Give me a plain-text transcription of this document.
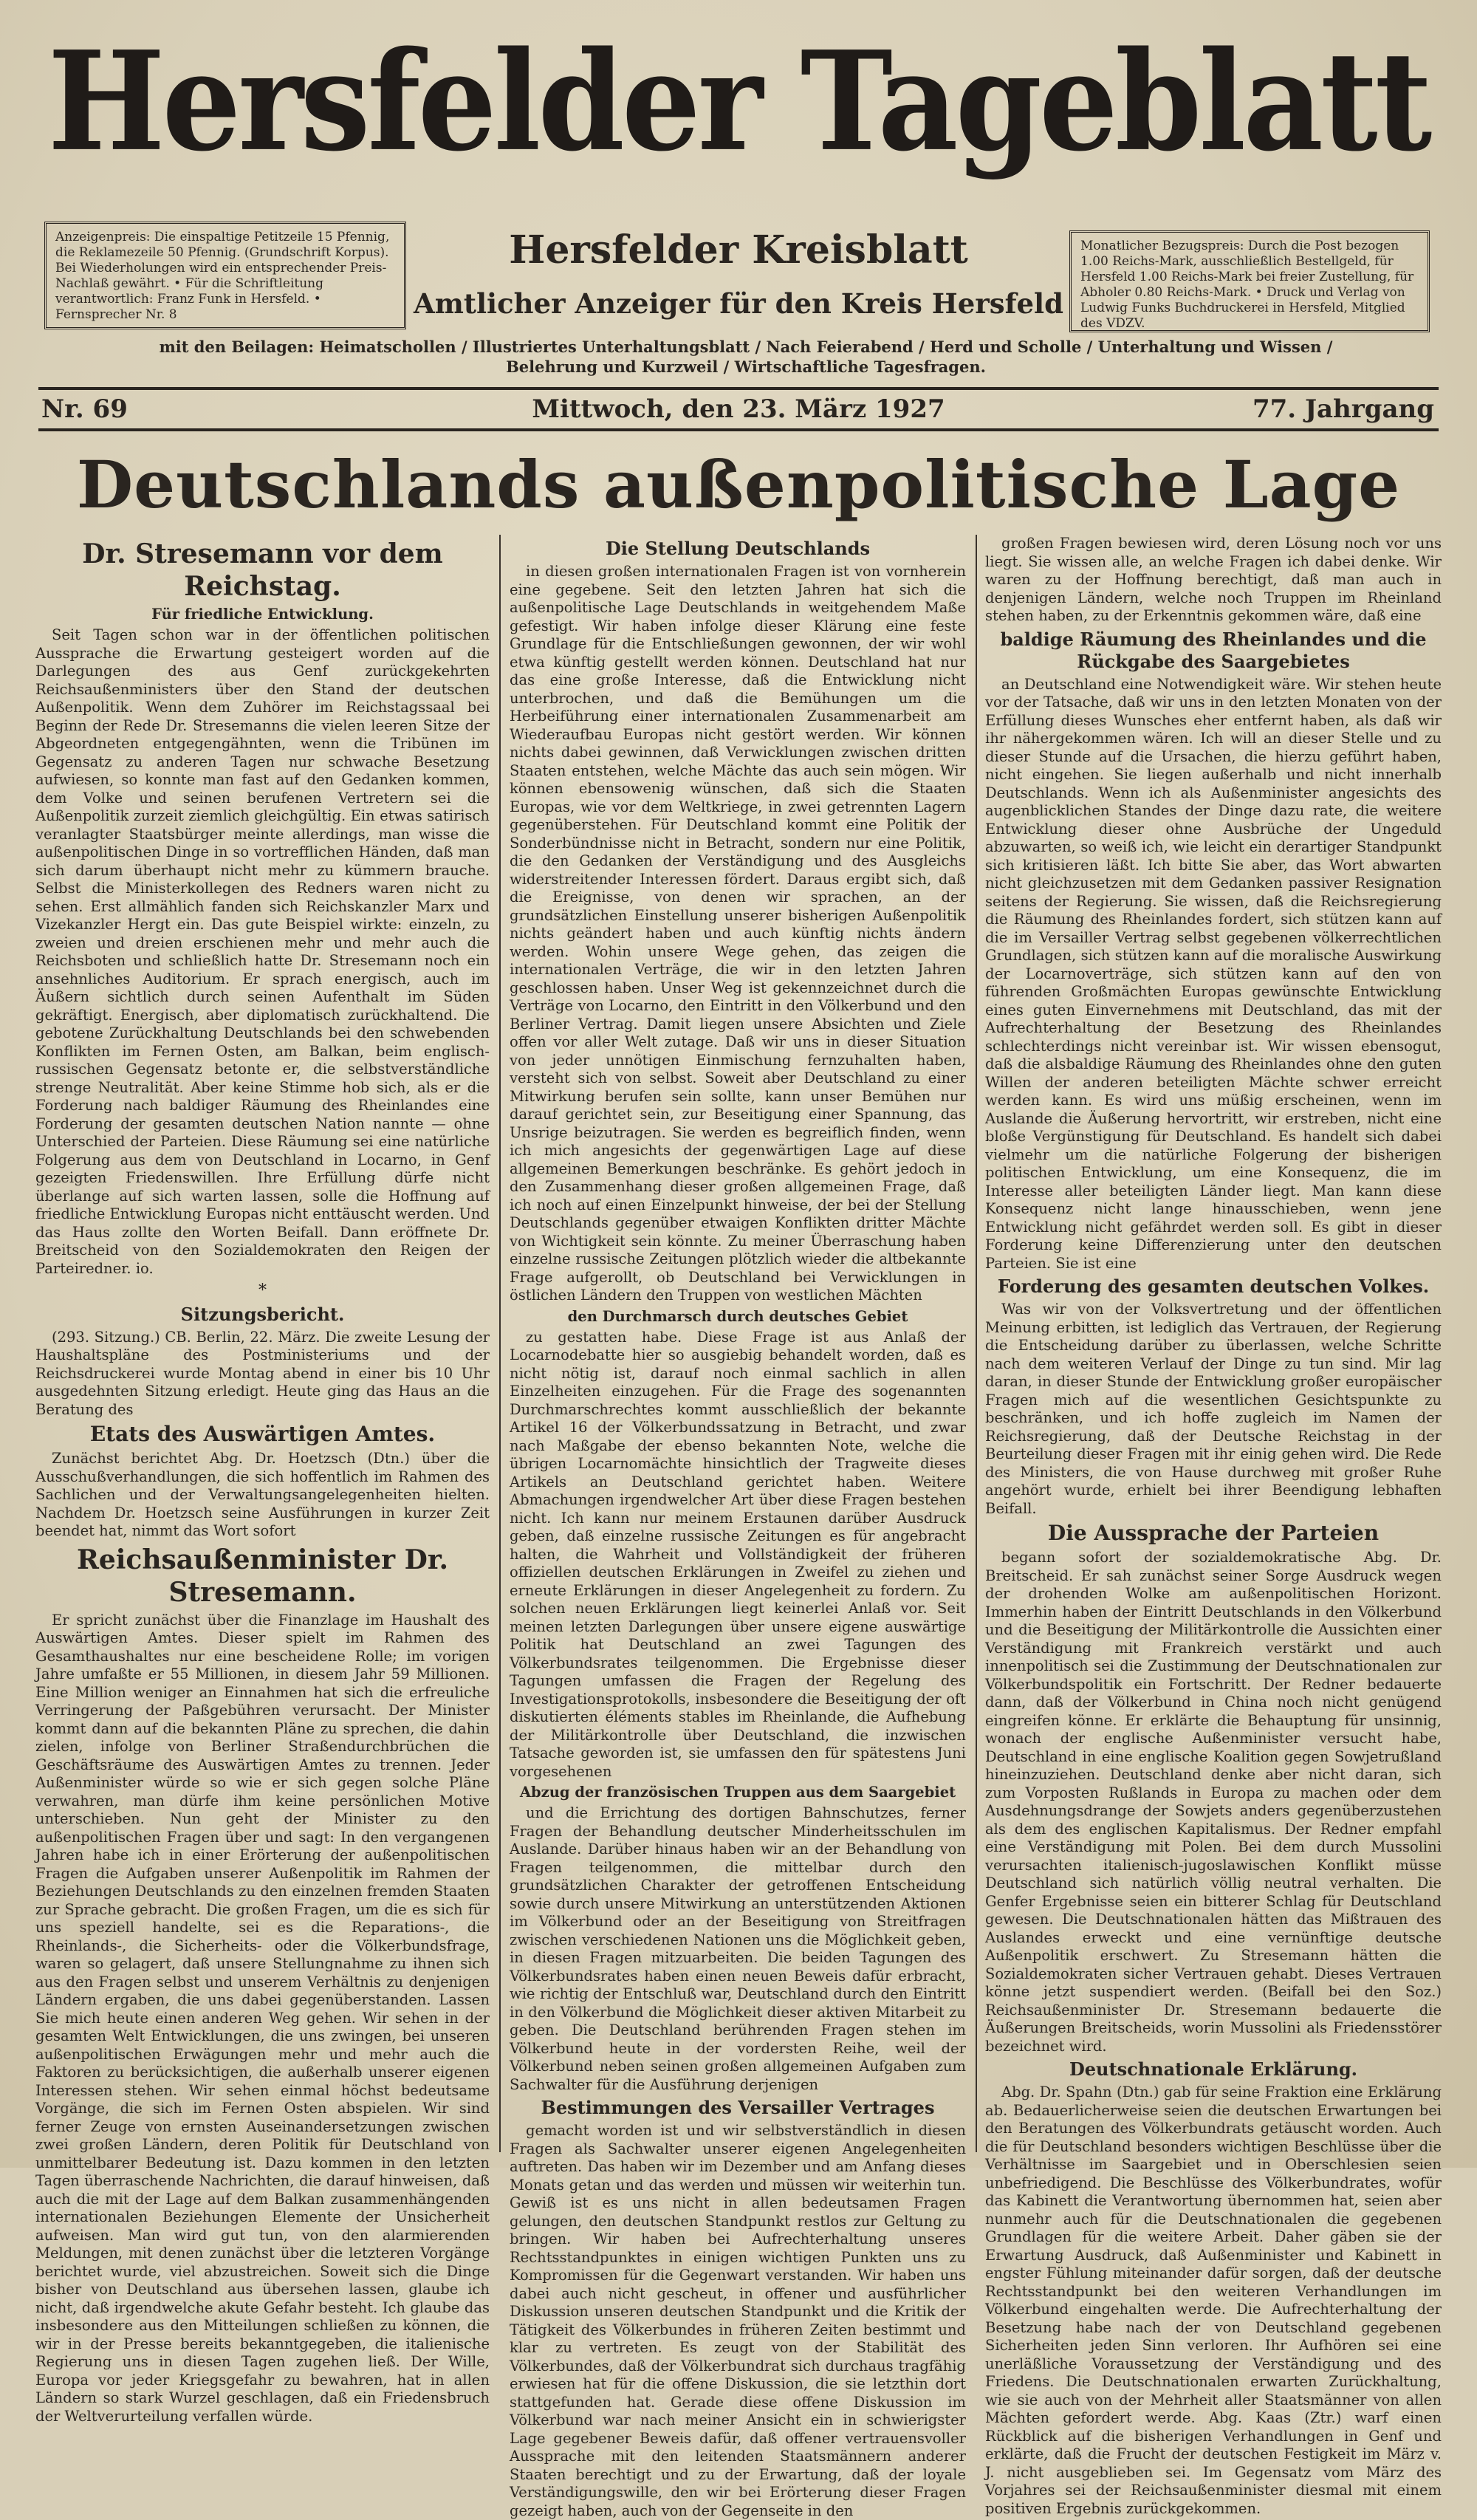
Hersfelder Tageblatt
Anzeigenpreis: Die einspaltige Petitzeile 15 Pfennig, die Reklamezeile 50 Pfennig. (Grundschrift Korpus). Bei Wiederholungen wird ein entsprechender Preis-Nachlaß gewährt. • Für die Schriftleitung verantwortlich: Franz Funk in Hersfeld. • Fernsprecher Nr. 8
Hersfelder Kreisblatt
Amtlicher Anzeiger für den Kreis Hersfeld
Monatlicher Bezugspreis: Durch die Post bezogen 1.00 Reichs-Mark, ausschließlich Bestellgeld, für Hersfeld 1.00 Reichs-Mark bei freier Zustellung, für Abholer 0.80 Reichs-Mark. • Druck und Verlag von Ludwig Funks Buchdruckerei in Hersfeld, Mitglied des VDZV.
mit den Beilagen: Heimatschollen / Illustriertes Unterhaltungsblatt / Nach Feierabend / Herd und Scholle / Unterhaltung und Wissen / Belehrung und Kurzweil / Wirtschaftliche Tagesfragen.
Mittwoch, den 23. März 1927
Nr. 69	77. Jahrgang
Deutschlands außenpolitische Lage
Dr. Stresemann vor dem Reichstag.
Für friedliche Entwicklung.

Seit Tagen schon war in der öffentlichen politischen Aussprache die Erwartung gesteigert worden auf die Darlegungen des aus Genf zurückgekehrten Reichsaußenministers über den Stand der deutschen Außenpolitik. Wenn dem Zuhörer im Reichstagssaal bei Beginn der Rede Dr. Stresemanns die vielen leeren Sitze der Abgeordneten entgegengähnten, wenn die Tribünen im Gegensatz zu anderen Tagen nur schwache Besetzung aufwiesen, so konnte man fast auf den Gedanken kommen, dem Volke und seinen berufenen Vertretern sei die Außenpolitik zurzeit ziemlich gleichgültig. Ein etwas satirisch veranlagter Staatsbürger meinte allerdings, man wisse die außenpolitischen Dinge in so vortrefflichen Händen, daß man sich darum überhaupt nicht mehr zu kümmern brauche. Selbst die Ministerkollegen des Redners waren nicht zu sehen. Erst allmählich fanden sich Reichskanzler Marx und Vizekanzler Hergt ein. Das gute Beispiel wirkte: einzeln, zu zweien und dreien erschienen mehr und mehr auch die Reichsboten und schließlich hatte Dr. Stresemann noch ein ansehnliches Auditorium. Er sprach energisch, auch im Äußern sichtlich durch seinen Aufenthalt im Süden gekräftigt. Energisch, aber diplomatisch zurückhaltend. Die gebotene Zurückhaltung Deutschlands bei den schwebenden Konflikten im Fernen Osten, am Balkan, beim englisch-russischen Gegensatz betonte er, die selbstverständliche strenge Neutralität. Aber keine Stimme hob sich, als er die Forderung nach baldiger Räumung des Rheinlandes eine Forderung der gesamten deutschen Nation nannte — ohne Unterschied der Parteien. Diese Räumung sei eine natürliche Folgerung aus dem von Deutschland in Locarno, in Genf gezeigten Friedenswillen. Ihre Erfüllung dürfe nicht überlange auf sich warten lassen, solle die Hoffnung auf friedliche Entwicklung Europas nicht enttäuscht werden. Und das Haus zollte den Worten Beifall. Dann eröffnete Dr. Breitscheid von den Sozialdemokraten den Reigen der Parteiredner. io.

*
Sitzungsbericht.

(293. Sitzung.) CB. Berlin, 22. März. Die zweite Lesung der Haushaltspläne des Postministeriums und der Reichsdruckerei wurde Montag abend in einer bis 10 Uhr ausgedehnten Sitzung erledigt. Heute ging das Haus an die Beratung des

Etats des Auswärtigen Amtes.

Zunächst berichtet Abg. Dr. Hoetzsch (Dtn.) über die Ausschußverhandlungen, die sich hoffentlich im Rahmen des Sachlichen und der Verwaltungsangelegenheiten hielten. Nachdem Dr. Hoetzsch seine Ausführungen in kurzer Zeit beendet hat, nimmt das Wort sofort

Reichsaußenminister Dr. Stresemann.

Er spricht zunächst über die Finanzlage im Haushalt des Auswärtigen Amtes. Dieser spielt im Rahmen des Gesamthaushaltes nur eine bescheidene Rolle; im vorigen Jahre umfaßte er 55 Millionen, in diesem Jahr 59 Millionen. Eine Million weniger an Einnahmen hat sich die erfreuliche Verringerung der Paßgebühren verursacht. Der Minister kommt dann auf die bekannten Pläne zu sprechen, die dahin zielen, infolge von Berliner Straßendurchbrüchen die Geschäftsräume des Auswärtigen Amtes zu trennen. Jeder Außenminister würde so wie er sich gegen solche Pläne verwahren, man dürfe ihm keine persönlichen Motive unterschieben. Nun geht der Minister zu den außenpolitischen Fragen über und sagt: In den vergangenen Jahren habe ich in einer Erörterung der außenpolitischen Fragen die Aufgaben unserer Außenpolitik im Rahmen der Beziehungen Deutschlands zu den einzelnen fremden Staaten zur Sprache gebracht. Die großen Fragen, um die es sich für uns speziell handelte, sei es die Reparations-, die Rheinlands-, die Sicherheits- oder die Völkerbundsfrage, waren so gelagert, daß unsere Stellungnahme zu ihnen sich aus den Fragen selbst und unserem Verhältnis zu denjenigen Ländern ergaben, die uns dabei gegenüberstanden. Lassen Sie mich heute einen anderen Weg gehen. Wir sehen in der gesamten Welt Entwicklungen, die uns zwingen, bei unseren außenpolitischen Erwägungen mehr und mehr auch die Faktoren zu berücksichtigen, die außerhalb unserer eigenen Interessen stehen. Wir sehen einmal höchst bedeutsame Vorgänge, die sich im Fernen Osten abspielen. Wir sind ferner Zeuge von ernsten Auseinandersetzungen zwischen zwei großen Ländern, deren Politik für Deutschland von unmittelbarer Bedeutung ist. Dazu kommen in den letzten Tagen überraschende Nachrichten, die darauf hinweisen, daß auch die mit der Lage auf dem Balkan zusammenhängenden internationalen Beziehungen Elemente der Unsicherheit aufweisen. Man wird gut tun, von den alarmierenden Meldungen, mit denen zunächst über die letzteren Vorgänge berichtet wurde, viel abzustreichen. Soweit sich die Dinge bisher von Deutschland aus übersehen lassen, glaube ich nicht, daß irgendwelche akute Gefahr besteht. Ich glaube das insbesondere aus den Mitteilungen schließen zu können, die wir in der Presse bereits bekanntgegeben, die italienische Regierung uns in diesen Tagen zugehen ließ. Der Wille, Europa vor jeder Kriegsgefahr zu bewahren, hat in allen Ländern so stark Wurzel geschlagen, daß ein Friedensbruch der Weltverurteilung verfallen würde.

Die Stellung Deutschlands

in diesen großen internationalen Fragen ist von vornherein eine gegebene. Seit den letzten Jahren hat sich die außenpolitische Lage Deutschlands in weitgehendem Maße gefestigt. Wir haben infolge dieser Klärung eine feste Grundlage für die Entschließungen gewonnen, der wir wohl etwa künftig gestellt werden können. Deutschland hat nur das eine große Interesse, daß die Entwicklung nicht unterbrochen, und daß die Bemühungen um die Herbeiführung einer internationalen Zusammenarbeit am Wiederaufbau Europas nicht gestört werden. Wir können nichts dabei gewinnen, daß Verwicklungen zwischen dritten Staaten entstehen, welche Mächte das auch sein mögen. Wir können ebensowenig wünschen, daß sich die Staaten Europas, wie vor dem Weltkriege, in zwei getrennten Lagern gegenüberstehen. Für Deutschland kommt eine Politik der Sonderbündnisse nicht in Betracht, sondern nur eine Politik, die den Gedanken der Verständigung und des Ausgleichs widerstreitender Interessen fördert. Daraus ergibt sich, daß die Ereignisse, von denen wir sprachen, an der grundsätzlichen Einstellung unserer bisherigen Außenpolitik nichts geändert haben und auch künftig nichts ändern werden. Wohin unsere Wege gehen, das zeigen die internationalen Verträge, die wir in den letzten Jahren geschlossen haben. Unser Weg ist gekennzeichnet durch die Verträge von Locarno, den Eintritt in den Völkerbund und den Berliner Vertrag. Damit liegen unsere Absichten und Ziele offen vor aller Welt zutage. Daß wir uns in dieser Situation von jeder unnötigen Einmischung fernzuhalten haben, versteht sich von selbst. Soweit aber Deutschland zu einer Mitwirkung berufen sein sollte, kann unser Bemühen nur darauf gerichtet sein, zur Beseitigung einer Spannung, das Unsrige beizutragen. Sie werden es begreiflich finden, wenn ich mich angesichts der gegenwärtigen Lage auf diese allgemeinen Bemerkungen beschränke. Es gehört jedoch in den Zusammenhang dieser großen allgemeinen Frage, daß ich noch auf einen Einzelpunkt hinweise, der bei der Stellung Deutschlands gegenüber etwaigen Konflikten dritter Mächte von Wichtigkeit sein könnte. Zu meiner Überraschung haben einzelne russische Zeitungen plötzlich wieder die altbekannte Frage aufgerollt, ob Deutschland bei Verwicklungen in östlichen Ländern den Truppen von westlichen Mächten

den Durchmarsch durch deutsches Gebiet

zu gestatten habe. Diese Frage ist aus Anlaß der Locarnodebatte hier so ausgiebig behandelt worden, daß es nicht nötig ist, darauf noch einmal sachlich in allen Einzelheiten einzugehen. Für die Frage des sogenannten Durchmarschrechtes kommt ausschließlich der bekannte Artikel 16 der Völkerbundssatzung in Betracht, und zwar nach Maßgabe der ebenso bekannten Note, welche die übrigen Locarnomächte hinsichtlich der Tragweite dieses Artikels an Deutschland gerichtet haben. Weitere Abmachungen irgendwelcher Art über diese Fragen bestehen nicht. Ich kann nur meinem Erstaunen darüber Ausdruck geben, daß einzelne russische Zeitungen es für angebracht halten, die Wahrheit und Vollständigkeit der früheren offiziellen deutschen Erklärungen in Zweifel zu ziehen und erneute Erklärungen in dieser Angelegenheit zu fordern. Zu solchen neuen Erklärungen liegt keinerlei Anlaß vor. Seit meinen letzten Darlegungen über unsere eigene auswärtige Politik hat Deutschland an zwei Tagungen des Völkerbundsrates teilgenommen. Die Ergebnisse dieser Tagungen umfassen die Fragen der Regelung des Investigationsprotokolls, insbesondere die Beseitigung der oft diskutierten éléments stables im Rheinlande, die Aufhebung der Militärkontrolle über Deutschland, die inzwischen Tatsache geworden ist, sie umfassen den für spätestens Juni vorgesehenen

Abzug der französischen Truppen aus dem Saargebiet

und die Errichtung des dortigen Bahnschutzes, ferner Fragen der Behandlung deutscher Minderheitsschulen im Auslande. Darüber hinaus haben wir an der Behandlung von Fragen teilgenommen, die mittelbar durch den grundsätzlichen Charakter der getroffenen Entscheidung sowie durch unsere Mitwirkung an unterstützenden Aktionen im Völkerbund oder an der Beseitigung von Streitfragen zwischen verschiedenen Nationen uns die Möglichkeit geben, in diesen Fragen mitzuarbeiten. Die beiden Tagungen des Völkerbundsrates haben einen neuen Beweis dafür erbracht, wie richtig der Entschluß war, Deutschland durch den Eintritt in den Völkerbund die Möglichkeit dieser aktiven Mitarbeit zu geben. Die Deutschland berührenden Fragen stehen im Völkerbund heute in der vordersten Reihe, weil der Völkerbund neben seinen großen allgemeinen Aufgaben zum Sachwalter für die Ausführung derjenigen

Bestimmungen des Versailler Vertrages

gemacht worden ist und wir selbstverständlich in diesen Fragen als Sachwalter unserer eigenen Angelegenheiten auftreten. Das haben wir im Dezember und am Anfang dieses Monats getan und das werden und müssen wir weiterhin tun. Gewiß ist es uns nicht in allen bedeutsamen Fragen gelungen, den deutschen Standpunkt restlos zur Geltung zu bringen. Wir haben bei Aufrechterhaltung unseres Rechtsstandpunktes in einigen wichtigen Punkten uns zu Kompromissen für die Gegenwart verstanden. Wir haben uns dabei auch nicht gescheut, in offener und ausführlicher Diskussion unseren deutschen Standpunkt und die Kritik der Tätigkeit des Völkerbundes in früheren Zeiten bestimmt und klar zu vertreten. Es zeugt von der Stabilität des Völkerbundes, daß der Völkerbundrat sich durchaus tragfähig erwiesen hat für die offene Diskussion, die sie letzthin dort stattgefunden hat. Gerade diese offene Diskussion im Völkerbund war nach meiner Ansicht ein in schwierigster Lage gegebener Beweis dafür, daß offener vertrauensvoller Aussprache mit den leitenden Staatsmännern anderer Staaten berechtigt und zu der Erwartung, daß der loyale Verständigungswille, den wir bei Erörterung dieser Fragen gezeigt haben, auch von der Gegenseite in den

großen Fragen bewiesen wird, deren Lösung noch vor uns liegt. Sie wissen alle, an welche Fragen ich dabei denke. Wir waren zu der Hoffnung berechtigt, daß man auch in denjenigen Ländern, welche noch Truppen im Rheinland stehen haben, zu der Erkenntnis gekommen wäre, daß eine

baldige Räumung des Rheinlandes und die Rückgabe des Saargebietes

an Deutschland eine Notwendigkeit wäre. Wir stehen heute vor der Tatsache, daß wir uns in den letzten Monaten von der Erfüllung dieses Wunsches eher entfernt haben, als daß wir ihr nähergekommen wären. Ich will an dieser Stelle und zu dieser Stunde auf die Ursachen, die hierzu geführt haben, nicht eingehen. Sie liegen außerhalb und nicht innerhalb Deutschlands. Wenn ich als Außenminister angesichts des augenblicklichen Standes der Dinge dazu rate, die weitere Entwicklung dieser ohne Ausbrüche der Ungeduld abzuwarten, so weiß ich, wie leicht ein derartiger Standpunkt sich kritisieren läßt. Ich bitte Sie aber, das Wort abwarten nicht gleichzusetzen mit dem Gedanken passiver Resignation seitens der Regierung. Sie wissen, daß die Reichsregierung die Räumung des Rheinlandes fordert, sich stützen kann auf die im Versailler Vertrag selbst gegebenen völkerrechtlichen Grundlagen, sich stützen kann auf die moralische Auswirkung der Locarnoverträge, sich stützen kann auf den von führenden Großmächten Europas gewünschte Entwicklung eines guten Einvernehmens mit Deutschland, das mit der Aufrechterhaltung der Besetzung des Rheinlandes schlechterdings nicht vereinbar ist. Wir wissen ebensogut, daß die alsbaldige Räumung des Rheinlandes ohne den guten Willen der anderen beteiligten Mächte schwer erreicht werden kann. Es wird uns müßig erscheinen, wenn im Auslande die Äußerung hervortritt, wir erstreben, nicht eine bloße Vergünstigung für Deutschland. Es handelt sich dabei vielmehr um die natürliche Folgerung der bisherigen politischen Entwicklung, um eine Konsequenz, die im Interesse aller beteiligten Länder liegt. Man kann diese Konsequenz nicht lange hinausschieben, wenn jene Entwicklung nicht gefährdet werden soll. Es gibt in dieser Forderung keine Differenzierung unter den deutschen Parteien. Sie ist eine

Forderung des gesamten deutschen Volkes.

Was wir von der Volksvertretung und der öffentlichen Meinung erbitten, ist lediglich das Vertrauen, der Regierung die Entscheidung darüber zu überlassen, welche Schritte nach dem weiteren Verlauf der Dinge zu tun sind. Mir lag daran, in dieser Stunde der Entwicklung großer europäischer Fragen mich auf die wesentlichen Gesichtspunkte zu beschränken, und ich hoffe zugleich im Namen der Reichsregierung, daß der Deutsche Reichstag in der Beurteilung dieser Fragen mit ihr einig gehen wird. Die Rede des Ministers, die von Hause durchweg mit großer Ruhe angehört wurde, erhielt bei ihrer Beendigung lebhaften Beifall.

Die Aussprache der Parteien

begann sofort der sozialdemokratische Abg. Dr. Breitscheid. Er sah zunächst seiner Sorge Ausdruck wegen der drohenden Wolke am außenpolitischen Horizont. Immerhin haben der Eintritt Deutschlands in den Völkerbund und die Beseitigung der Militärkontrolle die Aussichten einer Verständigung mit Frankreich verstärkt und auch innenpolitisch sei die Zustimmung der Deutschnationalen zur Völkerbundspolitik ein Fortschritt. Der Redner bedauerte dann, daß der Völkerbund in China noch nicht genügend eingreifen könne. Er erklärte die Behauptung für unsinnig, wonach der englische Außenminister versucht habe, Deutschland in eine englische Koalition gegen Sowjetrußland hineinzuziehen. Deutschland denke aber nicht daran, sich zum Vorposten Rußlands in Europa zu machen oder dem Ausdehnungsdrange der Sowjets anders gegenüberzustehen als dem des englischen Kapitalismus. Der Redner empfahl eine Verständigung mit Polen. Bei dem durch Mussolini verursachten italienisch-jugoslawischen Konflikt müsse Deutschland sich natürlich völlig neutral verhalten. Die Genfer Ergebnisse seien ein bitterer Schlag für Deutschland gewesen. Die Deutschnationalen hätten das Mißtrauen des Auslandes erweckt und eine vernünftige deutsche Außenpolitik erschwert. Zu Stresemann hätten die Sozialdemokraten sicher Vertrauen gehabt. Dieses Vertrauen könne jetzt suspendiert werden. (Beifall bei den Soz.) Reichsaußenminister Dr. Stresemann bedauerte die Äußerungen Breitscheids, worin Mussolini als Friedensstörer bezeichnet wird.

Deutschnationale Erklärung.

Abg. Dr. Spahn (Dtn.) gab für seine Fraktion eine Erklärung ab. Bedauerlicherweise seien die deutschen Erwartungen bei den Beratungen des Völkerbundrats getäuscht worden. Auch die für Deutschland besonders wichtigen Beschlüsse über die Verhältnisse im Saargebiet und in Oberschlesien seien unbefriedigend. Die Beschlüsse des Völkerbundrates, wofür das Kabinett die Verantwortung übernommen hat, seien aber nunmehr auch für die Deutschnationalen die gegebenen Grundlagen für die weitere Arbeit. Daher gäben sie der Erwartung Ausdruck, daß Außenminister und Kabinett in engster Fühlung miteinander dafür sorgen, daß der deutsche Rechtsstandpunkt bei den weiteren Verhandlungen im Völkerbund eingehalten werde. Die Aufrechterhaltung der Besetzung habe nach der von Deutschland gegebenen Sicherheiten jeden Sinn verloren. Ihr Aufhören sei eine unerläßliche Voraussetzung der Verständigung und des Friedens. Die Deutschnationalen erwarten Zurückhaltung, wie sie auch von der Mehrheit aller Staatsmänner von allen Mächten gefordert werde. Abg. Kaas (Ztr.) warf einen Rückblick auf die bisherigen Verhandlungen in Genf und erklärte, daß die Frucht der deutschen Festigkeit im März v. J. nicht ausgeblieben sei. Im Gegensatz vom März des Vorjahres sei der Reichsaußenminister diesmal mit einem positiven Ergebnis zurückgekommen.
